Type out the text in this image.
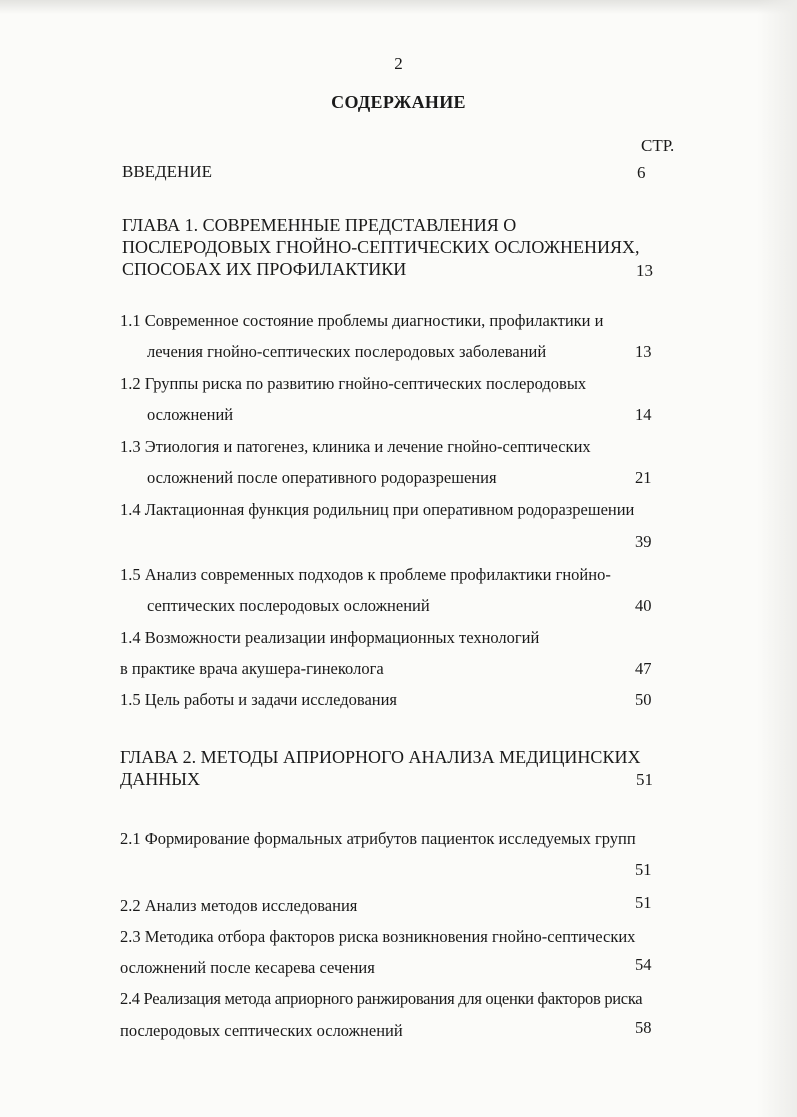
2
СОДЕРЖАНИЕ
СТР.
ВВЕДЕНИЕ	6
ГЛАВА 1. СОВРЕМЕННЫЕ ПРЕДСТАВЛЕНИЯ О
ПОСЛЕРОДОВЫХ ГНОЙНО-СЕПТИЧЕСКИХ ОСЛОЖНЕНИЯХ,
СПОСОБАХ ИХ ПРОФИЛАКТИКИ	13
1.1 Современное состояние проблемы диагностики, профилактики и
лечения гнойно-септических послеродовых заболеваний	13
1.2 Группы риска по развитию гнойно-септических послеродовых
осложнений	14
1.3 Этиология и патогенез, клиника и лечение гнойно-септических
осложнений после оперативного родоразрешения	21
1.4 Лактационная функция родильниц при оперативном родоразрешении
39
1.5 Анализ современных подходов к проблеме профилактики гнойно-
септических послеродовых осложнений	40
1.4 Возможности реализации информационных технологий
в практике врача акушера-гинеколога	47
1.5 Цель работы и задачи исследования	50
ГЛАВА 2. МЕТОДЫ АПРИОРНОГО АНАЛИЗА МЕДИЦИНСКИХ
ДАННЫХ	51
2.1 Формирование формальных атрибутов пациенток исследуемых групп
51
2.2 Анализ методов исследования	51
2.3 Методика отбора факторов риска возникновения гнойно-септических
осложнений после кесарева сечения	54
2.4 Реализация метода априорного ранжирования для оценки факторов риска
послеродовых септических осложнений	58
